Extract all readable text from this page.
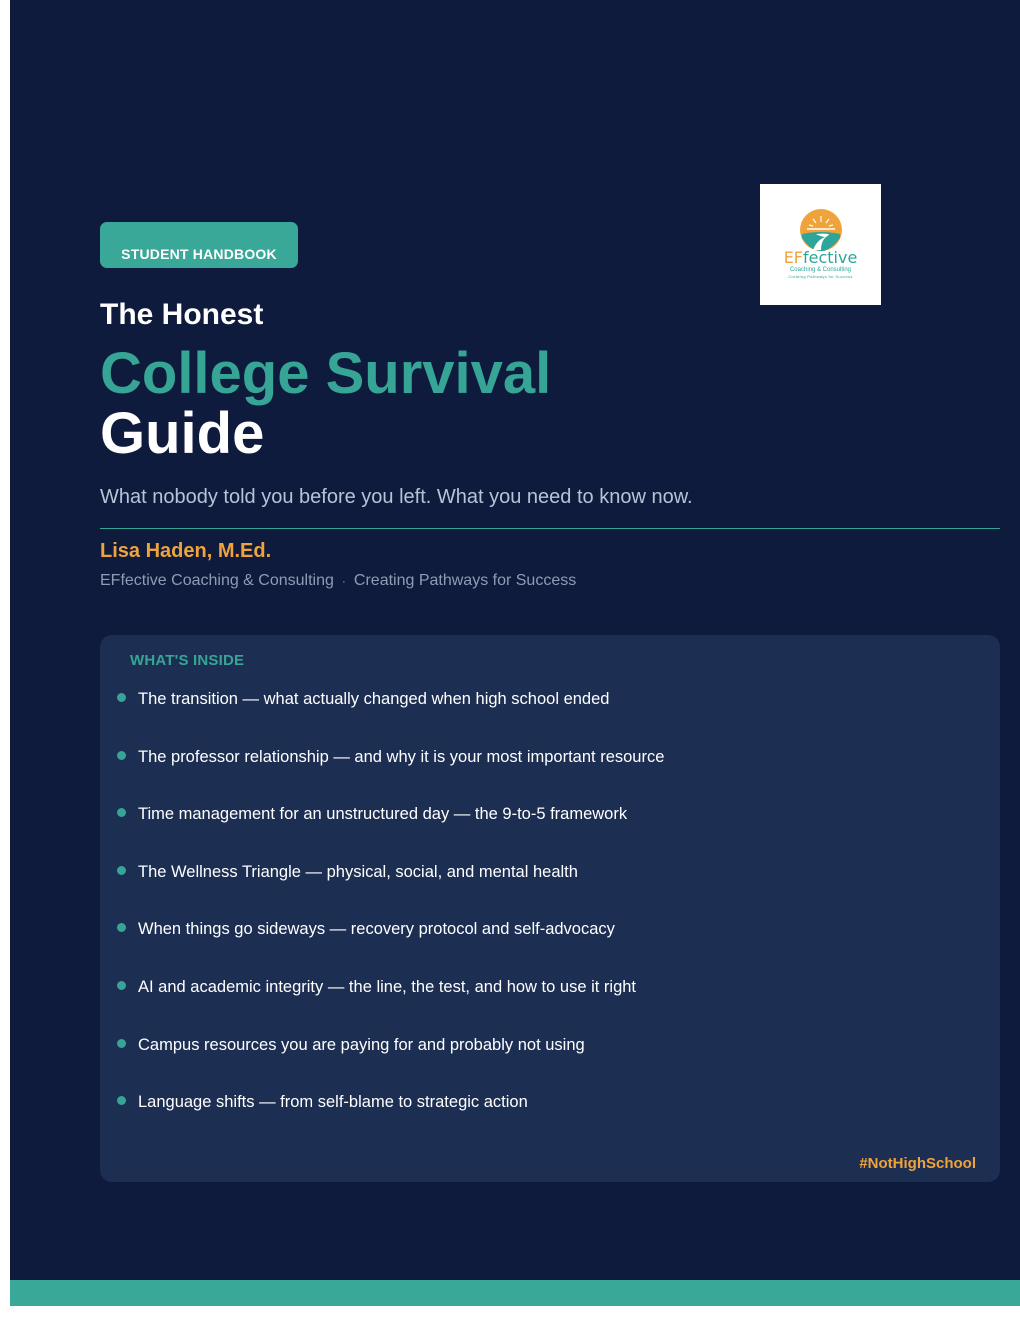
EFfective
Coaching & Consulting
Creating Pathways for Success
STUDENT HANDBOOK
The Honest
College Survival
Guide
What nobody told you before you left. What you need to know now.
Lisa Haden, M.Ed.
EFfective Coaching & Consulting · Creating Pathways for Success
WHAT'S INSIDE
The transition — what actually changed when high school ended
The professor relationship — and why it is your most important resource
Time management for an unstructured day — the 9-to-5 framework
The Wellness Triangle — physical, social, and mental health
When things go sideways — recovery protocol and self-advocacy
AI and academic integrity — the line, the test, and how to use it right
Campus resources you are paying for and probably not using
Language shifts — from self-blame to strategic action
#NotHighSchool
